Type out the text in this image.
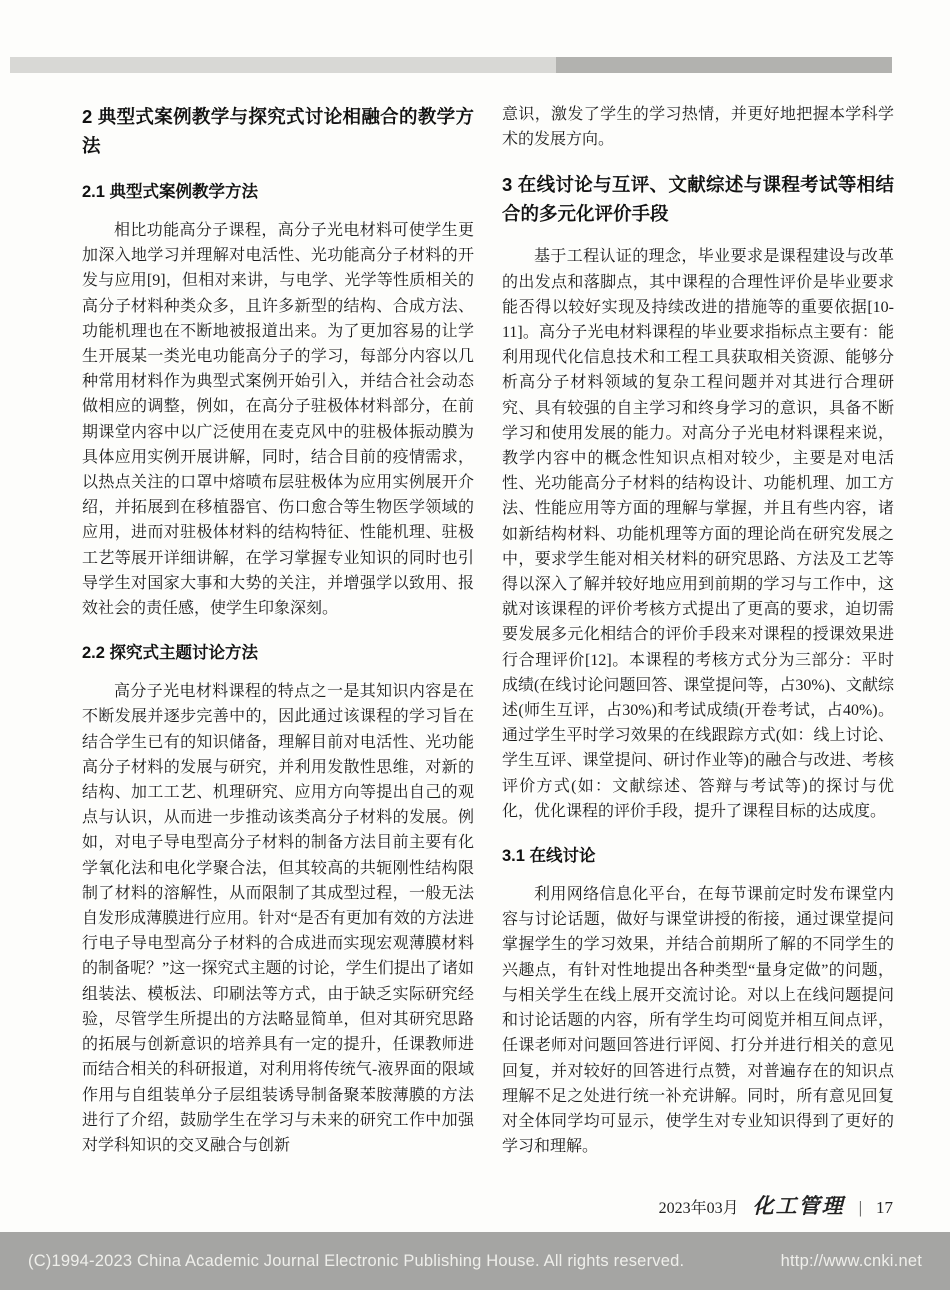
2 典型式案例教学与探究式讨论相融合的教学方法
2.1 典型式案例教学方法

相比功能高分子课程，高分子光电材料可使学生更加深入地学习并理解对电活性、光功能高分子材料的开发与应用[9]，但相对来讲，与电学、光学等性质相关的高分子材料种类众多，且许多新型的结构、合成方法、功能机理也在不断地被报道出来。为了更加容易的让学生开展某一类光电功能高分子的学习，每部分内容以几种常用材料作为典型式案例开始引入，并结合社会动态做相应的调整，例如，在高分子驻极体材料部分，在前期课堂内容中以广泛使用在麦克风中的驻极体振动膜为具体应用实例开展讲解，同时，结合目前的疫情需求，以热点关注的口罩中熔喷布层驻极体为应用实例展开介绍，并拓展到在移植器官、伤口愈合等生物医学领域的应用，进而对驻极体材料的结构特征、性能机理、驻极工艺等展开详细讲解，在学习掌握专业知识的同时也引导学生对国家大事和大势的关注，并增强学以致用、报效社会的责任感，使学生印象深刻。

2.2 探究式主题讨论方法

高分子光电材料课程的特点之一是其知识内容是在不断发展并逐步完善中的，因此通过该课程的学习旨在结合学生已有的知识储备，理解目前对电活性、光功能高分子材料的发展与研究，并利用发散性思维，对新的结构、加工工艺、机理研究、应用方向等提出自己的观点与认识，从而进一步推动该类高分子材料的发展。例如，对电子导电型高分子材料的制备方法目前主要有化学氧化法和电化学聚合法，但其较高的共轭刚性结构限制了材料的溶解性，从而限制了其成型过程，一般无法自发形成薄膜进行应用。针对“是否有更加有效的方法进行电子导电型高分子材料的合成进而实现宏观薄膜材料的制备呢？”这一探究式主题的讨论，学生们提出了诸如组装法、模板法、印刷法等方式，由于缺乏实际研究经验，尽管学生所提出的方法略显简单，但对其研究思路的拓展与创新意识的培养具有一定的提升，任课教师进而结合相关的科研报道，对利用将传统气-液界面的限域作用与自组装单分子层组装诱导制备聚苯胺薄膜的方法进行了介绍，鼓励学生在学习与未来的研究工作中加强对学科知识的交叉融合与创新

意识，激发了学生的学习热情，并更好地把握本学科学术的发展方向。

3 在线讨论与互评、文献综述与课程考试等相结合的多元化评价手段

基于工程认证的理念，毕业要求是课程建设与改革的出发点和落脚点，其中课程的合理性评价是毕业要求能否得以较好实现及持续改进的措施等的重要依据[10-11]。高分子光电材料课程的毕业要求指标点主要有：能利用现代化信息技术和工程工具获取相关资源、能够分析高分子材料领域的复杂工程问题并对其进行合理研究、具有较强的自主学习和终身学习的意识，具备不断学习和使用发展的能力。对高分子光电材料课程来说，教学内容中的概念性知识点相对较少，主要是对电活性、光功能高分子材料的结构设计、功能机理、加工方法、性能应用等方面的理解与掌握，并且有些内容，诸如新结构材料、功能机理等方面的理论尚在研究发展之中，要求学生能对相关材料的研究思路、方法及工艺等得以深入了解并较好地应用到前期的学习与工作中，这就对该课程的评价考核方式提出了更高的要求，迫切需要发展多元化相结合的评价手段来对课程的授课效果进行合理评价[12]。本课程的考核方式分为三部分：平时成绩(在线讨论问题回答、课堂提问等，占30%)、文献综述(师生互评，占30%)和考试成绩(开卷考试，占40%)。通过学生平时学习效果的在线跟踪方式(如：线上讨论、学生互评、课堂提问、研讨作业等)的融合与改进、考核评价方式(如：文献综述、答辩与考试等)的探讨与优化，优化课程的评价手段，提升了课程目标的达成度。

3.1 在线讨论

利用网络信息化平台，在每节课前定时发布课堂内容与讨论话题，做好与课堂讲授的衔接，通过课堂提问掌握学生的学习效果，并结合前期所了解的不同学生的兴趣点，有针对性地提出各种类型“量身定做”的问题，与相关学生在线上展开交流讨论。对以上在线问题提问和讨论话题的内容，所有学生均可阅览并相互间点评，任课老师对问题回答进行评阅、打分并进行相关的意见回复，并对较好的回答进行点赞，对普遍存在的知识点理解不足之处进行统一补充讲解。同时，所有意见回复对全体同学均可显示，使学生对专业知识得到了更好的学习和理解。

2023年03月 化工管理 | 17
(C)1994-2023 China Academic Journal Electronic Publishing House. All rights reserved.	http://www.cnki.net
